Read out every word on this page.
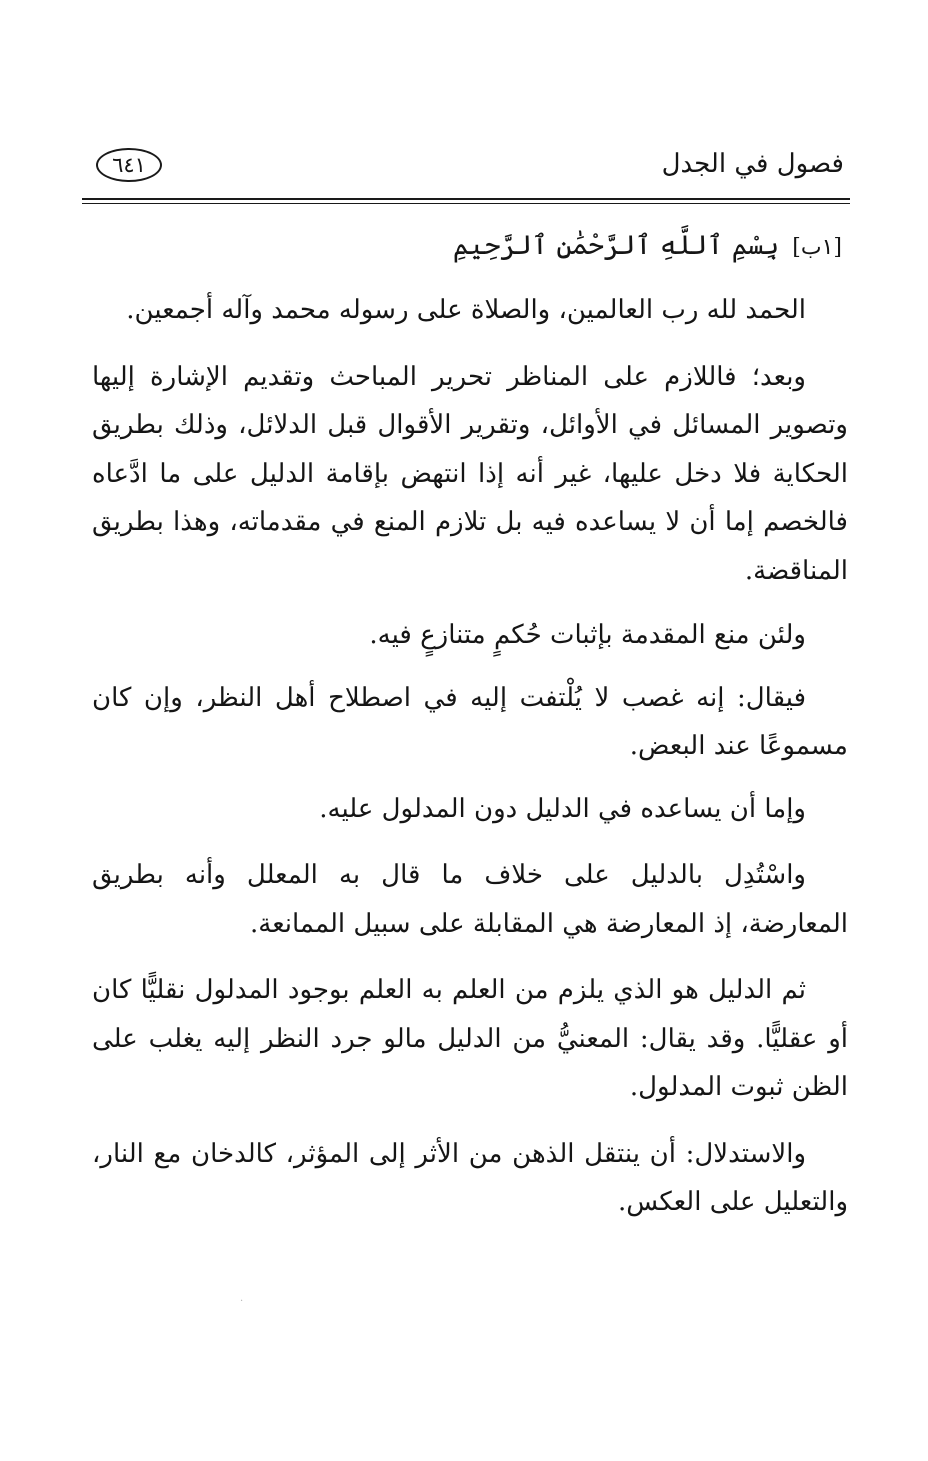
فصول في الجدل
٦٤١
[١ب] بِسْمِ ٱللَّهِ ٱلرَّحْمَٰنِ ٱلرَّحِيمِ

الحمد لله رب العالمين، والصلاة على رسوله محمد وآله أجمعين.

وبعد؛ فاللازم على المناظر تحرير المباحث وتقديم الإشارة إليها وتصوير المسائل في الأوائل، وتقرير الأقوال قبل الدلائل، وذلك بطريق الحكاية فلا دخل عليها، غير أنه إذا انتهض بإقامة الدليل على ما ادَّعاه فالخصم إما أن لا يساعده فيه بل تلازم المنع في مقدماته، وهذا بطريق المناقضة.

ولئن منع المقدمة بإثبات حُكمٍ متنازعٍ فيه.

فيقال: إنه غصب لا يُلْتفت إليه في اصطلاح أهل النظر، وإن كان مسموعًا عند البعض.

وإما أن يساعده في الدليل دون المدلول عليه.

واسْتُدِل بالدليل على خلاف ما قال به المعلل وأنه بطريق المعارضة، إذ المعارضة هي المقابلة على سبيل الممانعة.

ثم الدليل هو الذي يلزم من العلم به العلم بوجود المدلول نقليًّا كان أو عقليًّا. وقد يقال: المعنيُّ من الدليل مالو جرد النظر إليه يغلب على الظن ثبوت المدلول.

والاستدلال: أن ينتقل الذهن من الأثر إلى المؤثر، كالدخان مع النار، والتعليل على العكس.

·
